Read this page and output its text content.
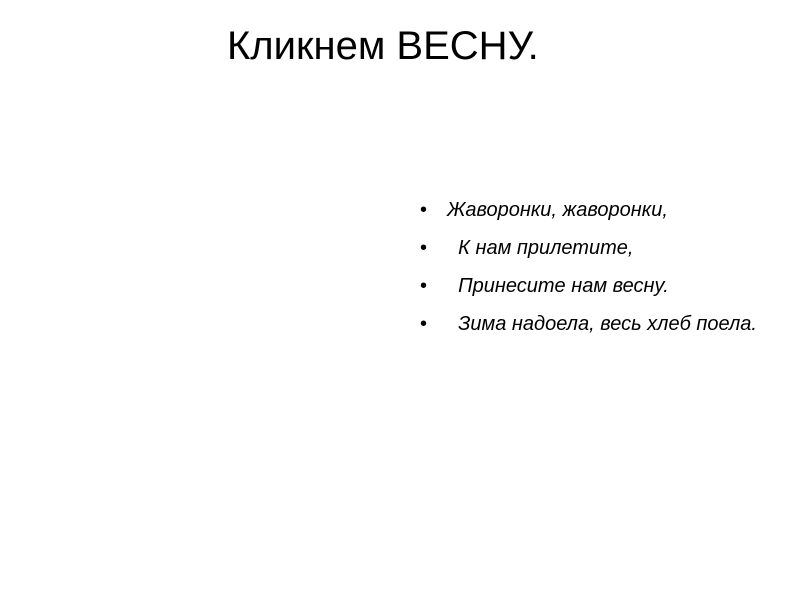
Кликнем ВЕСНУ.
• Жаворонки, жаворонки,
• К нам прилетите,
• Принесите нам весну.
• Зима надоела, весь хлеб поела.
